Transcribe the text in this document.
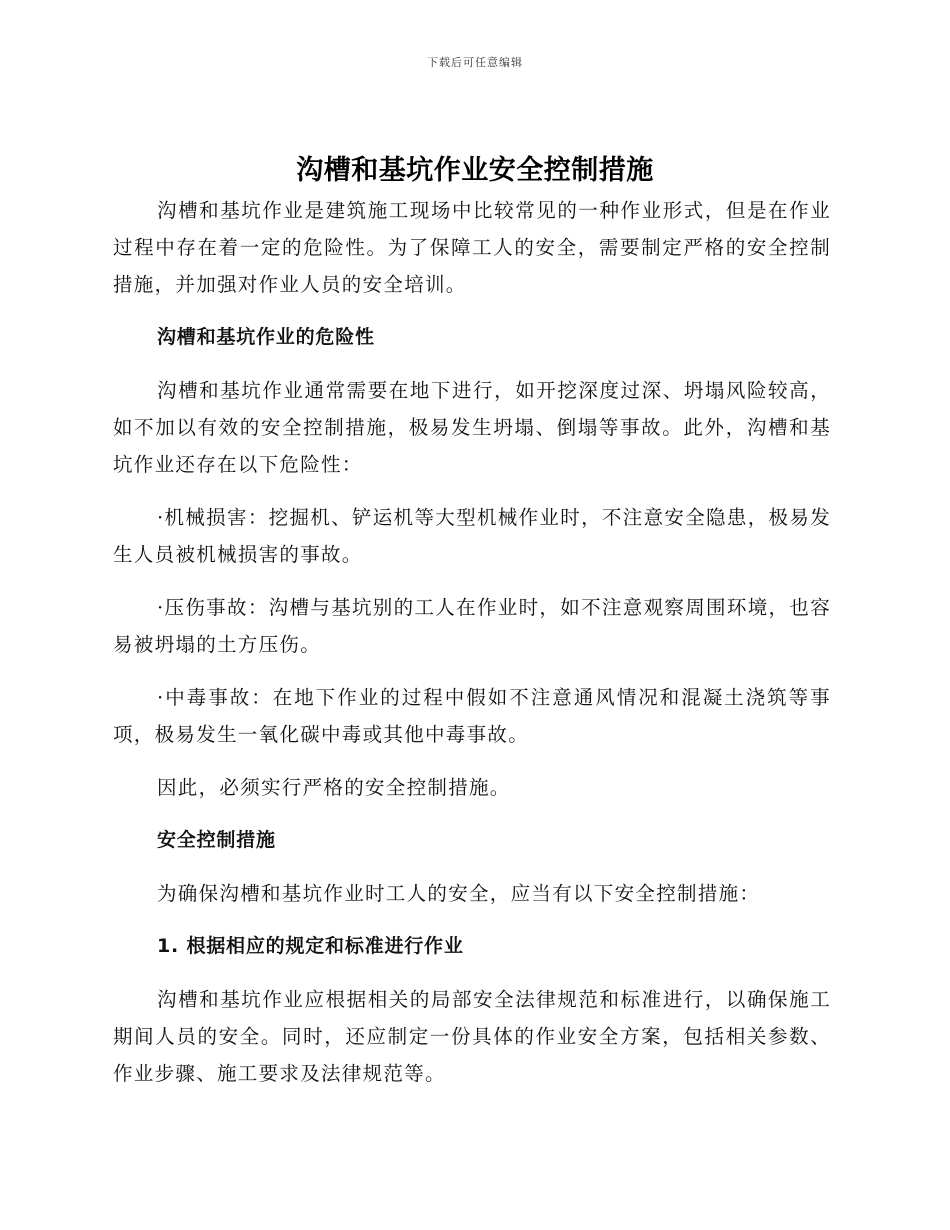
下载后可任意编辑
沟槽和基坑作业安全控制措施

沟槽和基坑作业是建筑施工现场中比较常见的一种作业形式，但是在作业过程中存在着一定的危险性。为了保障工人的安全，需要制定严格的安全控制措施，并加强对作业人员的安全培训。

沟槽和基坑作业的危险性

沟槽和基坑作业通常需要在地下进行，如开挖深度过深、坍塌风险较高，如不加以有效的安全控制措施，极易发生坍塌、倒塌等事故。此外，沟槽和基坑作业还存在以下危险性：

·机械损害：挖掘机、铲运机等大型机械作业时，不注意安全隐患，极易发生人员被机械损害的事故。

·压伤事故：沟槽与基坑别的工人在作业时，如不注意观察周围环境，也容易被坍塌的土方压伤。

·中毒事故：在地下作业的过程中假如不注意通风情况和混凝土浇筑等事项，极易发生一氧化碳中毒或其他中毒事故。

因此，必须实行严格的安全控制措施。

安全控制措施

为确保沟槽和基坑作业时工人的安全，应当有以下安全控制措施：

1. 根据相应的规定和标准进行作业

沟槽和基坑作业应根据相关的局部安全法律规范和标准进行，以确保施工期间人员的安全。同时，还应制定一份具体的作业安全方案，包括相关参数、作业步骤、施工要求及法律规范等。
